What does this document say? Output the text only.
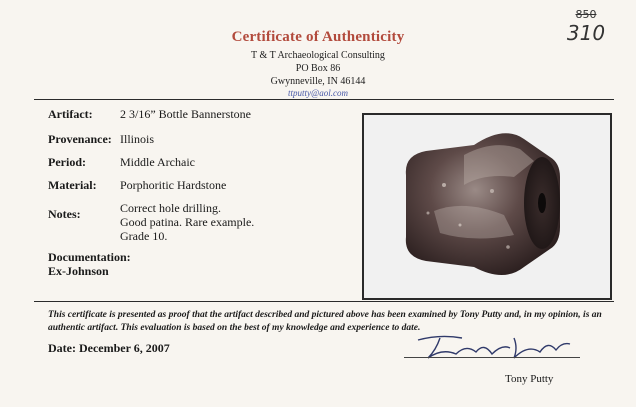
850
310
Certificate of Authenticity
T & T Archaeological Consulting
PO Box 86
Gwynneville, IN 46144
ttputty@aol.com
Artifact: 2 3/16” Bottle Bannerstone
Provenance: Illinois
Period:	Middle Archaic
Material: Porphoritic Hardstone
Notes:	Correct hole drilling.
Good patina. Rare example.
Grade 10.
Documentation:
Ex-Johnson
This certificate is presented as proof that the artifact described and pictured above has been examined by Tony Putty and, in my opinion, is an authentic artifact. This evaluation is based on the best of my knowledge and experience to date.
Date: December 6, 2007
Tony Putty
